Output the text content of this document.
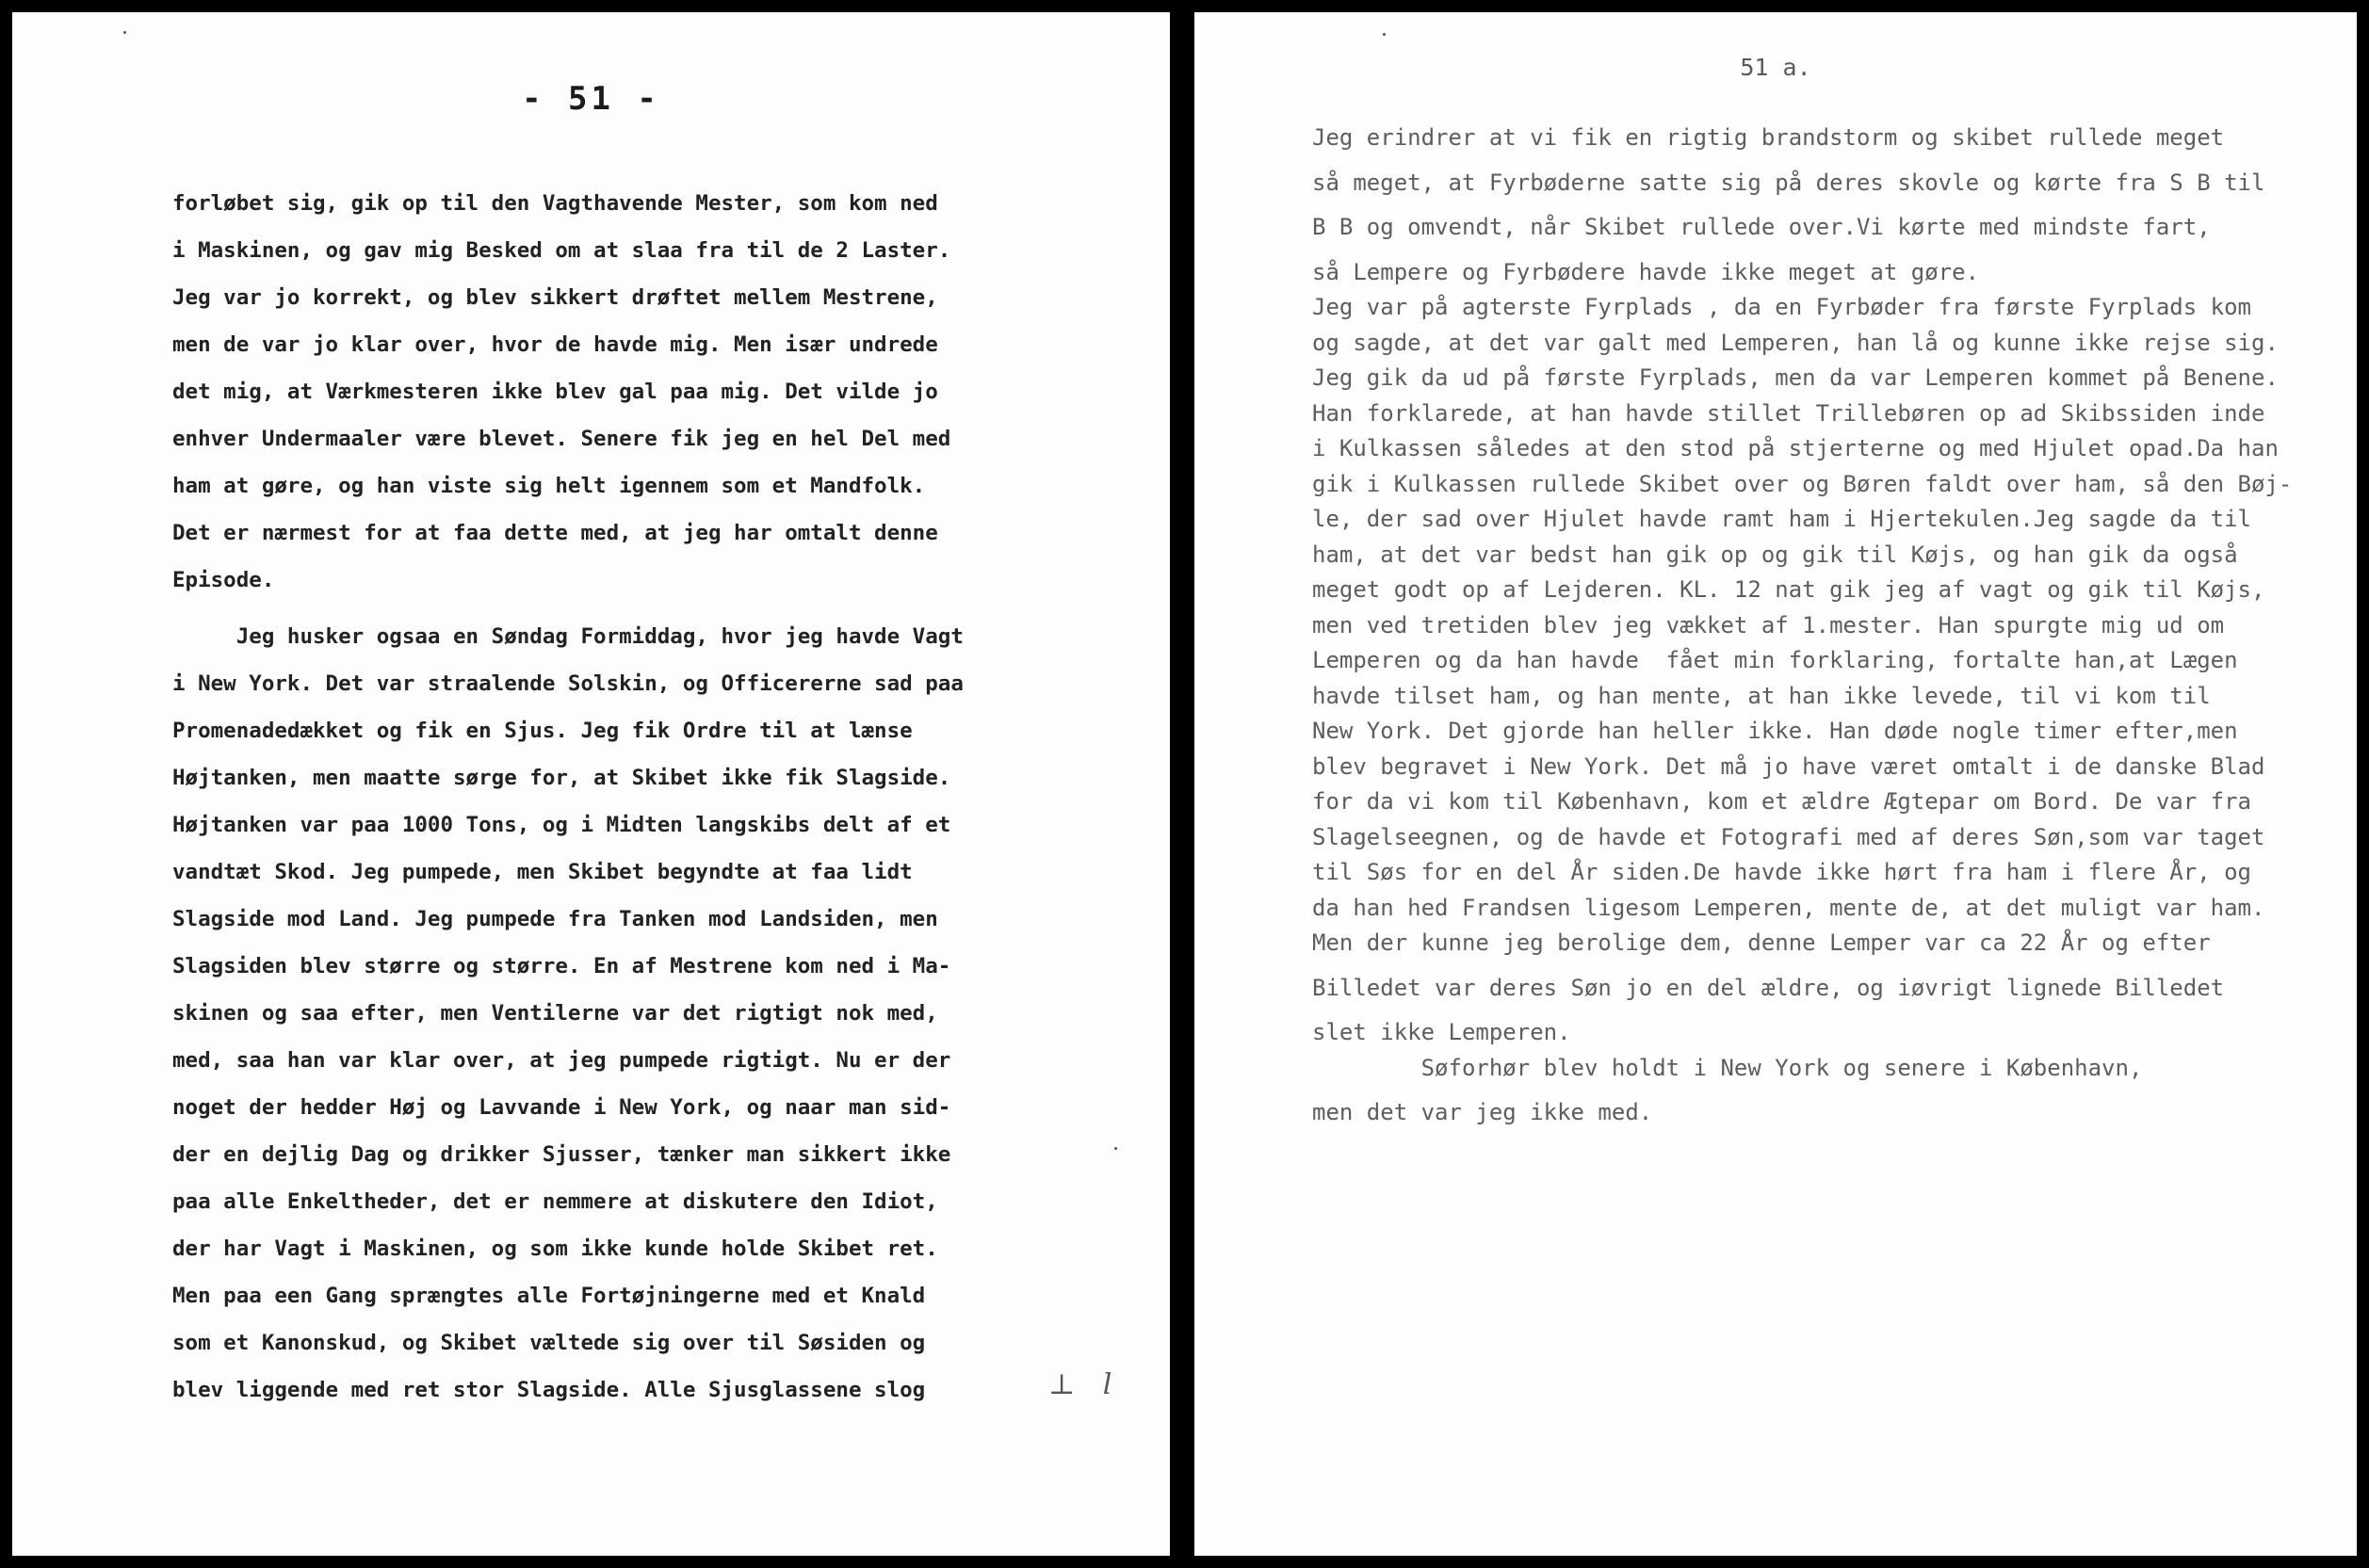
- 51 -
forløbet sig, gik op til den Vagthavende Mester, som kom ned
i Maskinen, og gav mig Besked om at slaa fra til de 2 Laster.
Jeg var jo korrekt, og blev sikkert drøftet mellem Mestrene,
men de var jo klar over, hvor de havde mig. Men især undrede
det mig, at Værkmesteren ikke blev gal paa mig. Det vilde jo
enhver Undermaaler være blevet. Senere fik jeg en hel Del med
ham at gøre, og han viste sig helt igennem som et Mandfolk.
Det er nærmest for at faa dette med, at jeg har omtalt denne
Episode.
Jeg husker ogsaa en Søndag Formiddag, hvor jeg havde Vagt
i New York. Det var straalende Solskin, og Officererne sad paa
Promenadedækket og fik en Sjus. Jeg fik Ordre til at lænse
Højtanken, men maatte sørge for, at Skibet ikke fik Slagside.
Højtanken var paa 1000 Tons, og i Midten langskibs delt af et
vandtæt Skod. Jeg pumpede, men Skibet begyndte at faa lidt
Slagside mod Land. Jeg pumpede fra Tanken mod Landsiden, men
Slagsiden blev større og større. En af Mestrene kom ned i Ma-
skinen og saa efter, men Ventilerne var det rigtigt nok med,
med, saa han var klar over, at jeg pumpede rigtigt. Nu er der
noget der hedder Høj og Lavvande i New York, og naar man sid-
der en dejlig Dag og drikker Sjusser, tænker man sikkert ikke
paa alle Enkeltheder, det er nemmere at diskutere den Idiot,
der har Vagt i Maskinen, og som ikke kunde holde Skibet ret.
Men paa een Gang sprængtes alle Fortøjningerne med et Knald
som et Kanonskud, og Skibet væltede sig over til Søsiden og
blev liggende med ret stor Slagside. Alle Sjusglassene slog	⊥ l
51 a.
Jeg erindrer at vi fik en rigtig brandstorm og skibet rullede meget
så meget, at Fyrbøderne satte sig på deres skovle og kørte fra S B til
B B og omvendt, når Skibet rullede over.Vi kørte med mindste fart,
så Lempere og Fyrbødere havde ikke meget at gøre.
Jeg var på agterste Fyrplads , da en Fyrbøder fra første Fyrplads kom
og sagde, at det var galt med Lemperen, han lå og kunne ikke rejse sig.
Jeg gik da ud på første Fyrplads, men da var Lemperen kommet på Benene.
Han forklarede, at han havde stillet Trillebøren op ad Skibssiden inde
i Kulkassen således at den stod på stjerterne og med Hjulet opad.Da han
gik i Kulkassen rullede Skibet over og Børen faldt over ham, så den Bøj-
le, der sad over Hjulet havde ramt ham i Hjertekulen.Jeg sagde da til
ham, at det var bedst han gik op og gik til Køjs, og han gik da også
meget godt op af Lejderen. KL. 12 nat gik jeg af vagt og gik til Køjs,
men ved tretiden blev jeg vækket af 1.mester. Han spurgte mig ud om
Lemperen og da han havde  fået min forklaring, fortalte han,at Lægen
havde tilset ham, og han mente, at han ikke levede, til vi kom til
New York. Det gjorde han heller ikke. Han døde nogle timer efter,men
blev begravet i New York. Det må jo have været omtalt i de danske Blad
for da vi kom til København, kom et ældre Ægtepar om Bord. De var fra
Slagelseegnen, og de havde et Fotografi med af deres Søn,som var taget
til Søs for en del År siden.De havde ikke hørt fra ham i flere År, og
da han hed Frandsen ligesom Lemperen, mente de, at det muligt var ham.
Men der kunne jeg berolige dem, denne Lemper var ca 22 År og efter
Billedet var deres Søn jo en del ældre, og iøvrigt lignede Billedet
slet ikke Lemperen.
Søforhør blev holdt i New York og senere i København,
men det var jeg ikke med.
